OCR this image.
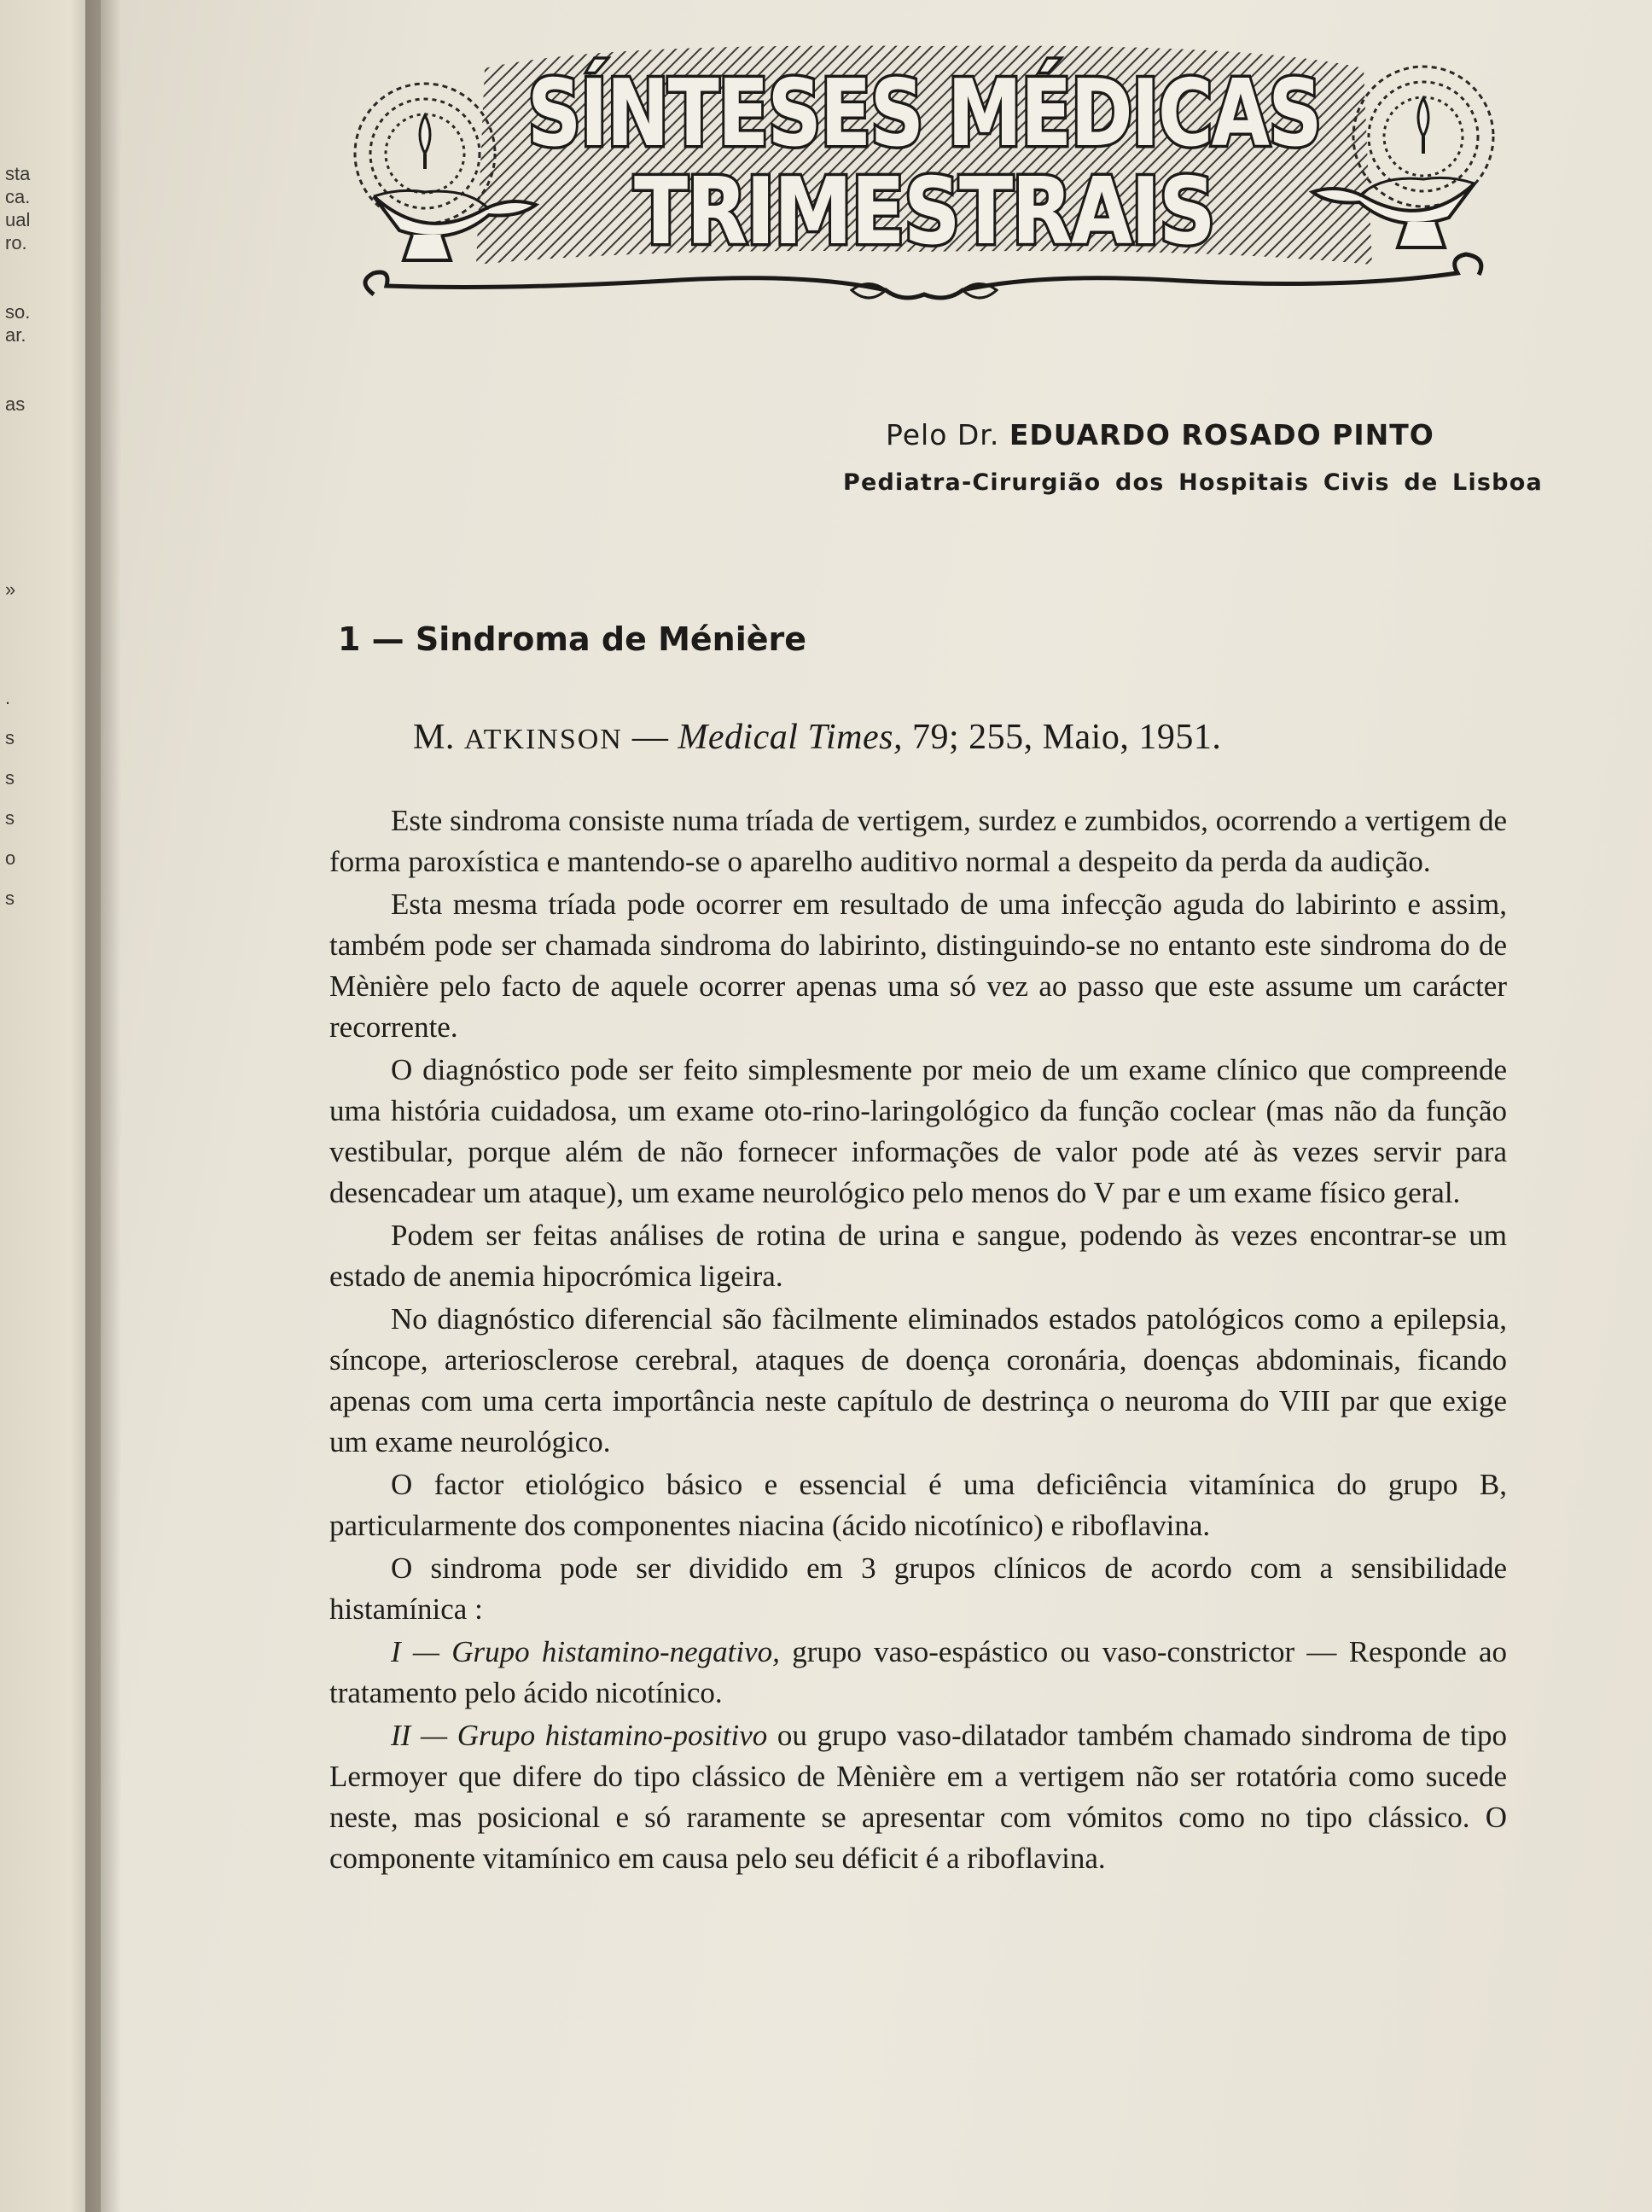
sta
ca.
ual
ro.
so.
ar.
as
»
.
s
s
s
o
s
SÍNTESES MÉDICAS
TRIMESTRAIS
Pelo Dr. EDUARDO ROSADO PINTO
Pediatra-Cirurgião dos Hospitais Civis de Lisboa
1 — Sindroma de Ménière
M. ATKINSON — Medical Times, 79; 255, Maio, 1951.

Este sindroma consiste numa tríada de vertigem, surdez e zumbidos, ocorrendo a vertigem de forma paroxística e mantendo-se o aparelho auditivo normal a despeito da perda da audição.

Esta mesma tríada pode ocorrer em resultado de uma infecção aguda do labirinto e assim, também pode ser chamada sindroma do labirinto, distinguindo-se no entanto este sindroma do de Mènière pelo facto de aquele ocorrer apenas uma só vez ao passo que este assume um carácter recorrente.

O diagnóstico pode ser feito simplesmente por meio de um exame clínico que compreende uma história cuidadosa, um exame oto-rino-laringológico da função coclear (mas não da função vestibular, porque além de não fornecer informações de valor pode até às vezes servir para desencadear um ataque), um exame neurológico pelo menos do V par e um exame físico geral.

Podem ser feitas análises de rotina de urina e sangue, podendo às vezes encontrar-se um estado de anemia hipocrómica ligeira.

No diagnóstico diferencial são fàcilmente eliminados estados patológicos como a epilepsia, síncope, arteriosclerose cerebral, ataques de doença coronária, doenças abdominais, ficando apenas com uma certa importância neste capítulo de destrinça o neuroma do VIII par que exige um exame neurológico.

O factor etiológico básico e essencial é uma deficiência vitamínica do grupo B, particularmente dos componentes niacina (ácido nicotínico) e riboflavina.

O sindroma pode ser dividido em 3 grupos clínicos de acordo com a sensibilidade histamínica :

I — Grupo histamino-negativo, grupo vaso-espástico ou vaso-constrictor — Responde ao tratamento pelo ácido nicotínico.

II — Grupo histamino-positivo ou grupo vaso-dilatador também chamado sindroma de tipo Lermoyer que difere do tipo clássico de Mènière em a vertigem não ser rotatória como sucede neste, mas posicional e só raramente se apresentar com vómitos como no tipo clássico. O componente vitamínico em causa pelo seu déficit é a riboflavina.
